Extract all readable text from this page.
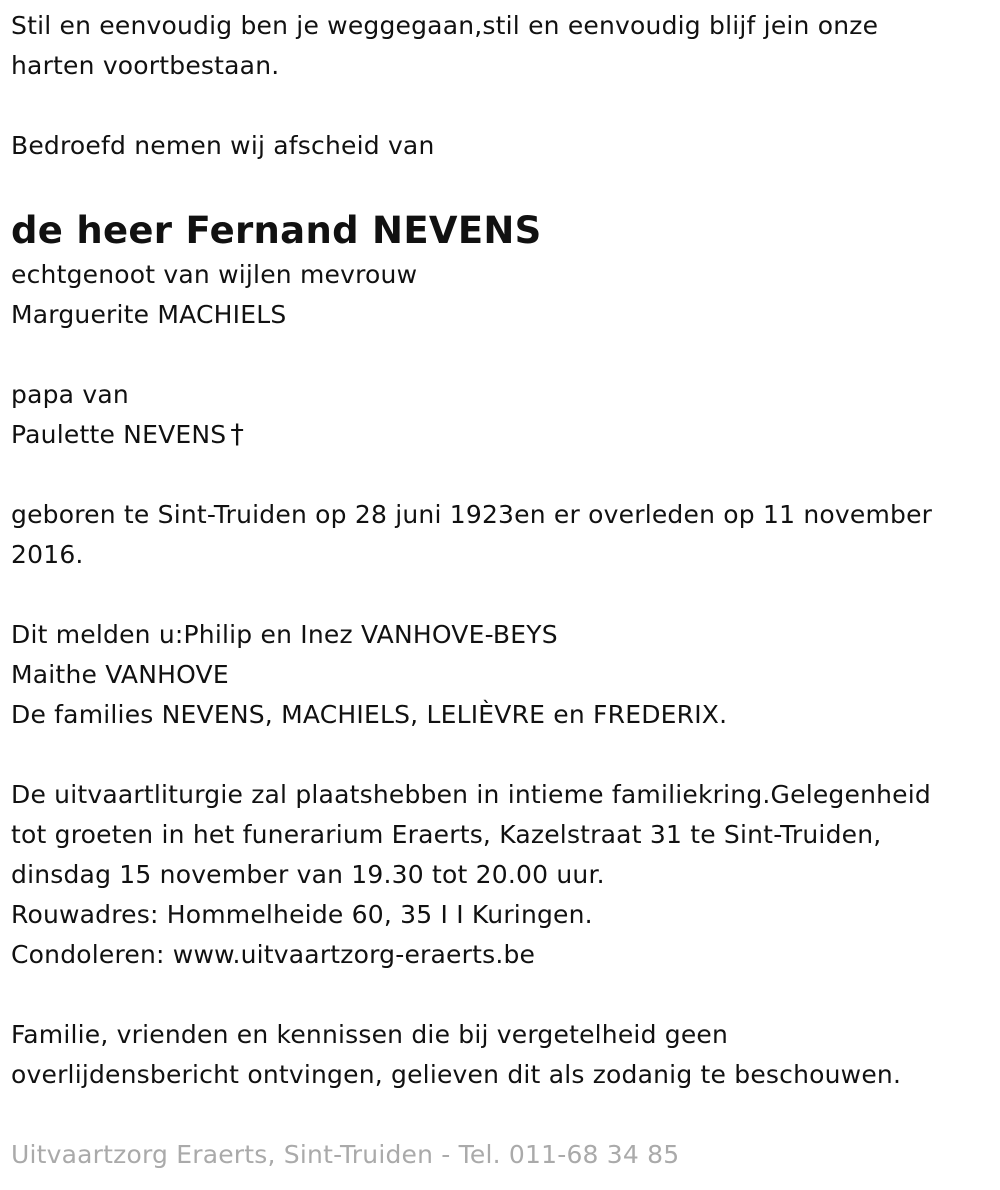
Stil en eenvoudig ben je weggegaan,stil en eenvoudig blijf jein onze
harten voortbestaan.
Bedroefd nemen wij afscheid van
de heer Fernand NEVENS
echtgenoot van wijlen mevrouw
Marguerite MACHIELS
papa van
Paulette NEVENS †
geboren te Sint-Truiden op 28 juni 1923en er overleden op 11 november
2016.
Dit melden u:Philip en Inez VANHOVE-BEYS
Maithe VANHOVE
De families NEVENS, MACHIELS, LELIÈVRE en FREDERIX.
De uitvaartliturgie zal plaatshebben in intieme familiekring.Gelegenheid
tot groeten in het funerarium Eraerts, Kazelstraat 31 te Sint-Truiden,
dinsdag 15 november van 19.30 tot 20.00 uur.
Rouwadres: Hommelheide 60, 35 I I Kuringen.
Condoleren: www.uitvaartzorg-eraerts.be
Familie, vrienden en kennissen die bij vergetelheid geen
overlijdensbericht ontvingen, gelieven dit als zodanig te beschouwen.
Uitvaartzorg Eraerts, Sint-Truiden - Tel. 011-68 34 85
